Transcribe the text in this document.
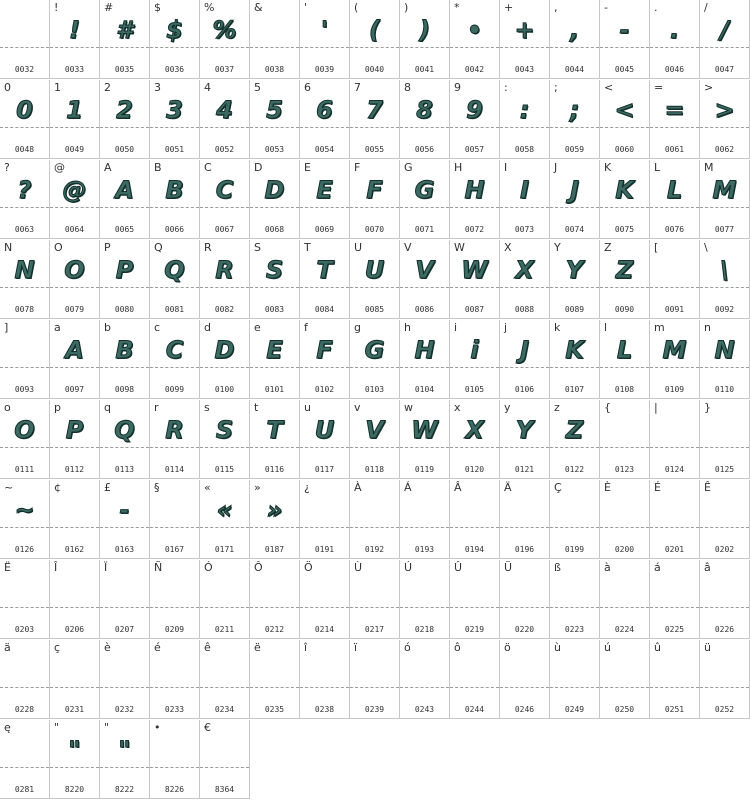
0032
!
!
0033
#
#
0035
$
$
0036
%
%
0037
&
0038
'
'
0039
(
(
0040
)
)
0041
*
•
0042
+
+
0043
,
,
0044
-
-
0045
.
.
0046
/
/
0047
0
0
0048
1
1
0049
2
2
0050
3
3
0051
4
4
0052
5
5
0053
6
6
0054
7
7
0055
8
8
0056
9
9
0057
:
:
0058
;
;
0059
<
<
0060
=
=
0061
>
>
0062
?
?
0063
@
@
0064
A
A
0065
B
B
0066
C
C
0067
D
D
0068
E
E
0069
F
F
0070
G
G
0071
H
H
0072
I
I
0073
J
J
0074
K
K
0075
L
L
0076
M
M
0077
N
N
0078
O
O
0079
P
P
0080
Q
Q
0081
R
R
0082
S
S
0083
T
T
0084
U
U
0085
V
V
0086
W
W
0087
X
X
0088
Y
Y
0089
Z
Z
0090
[
0091
\
\
0092
]
0093
a
A
0097
b
B
0098
c
C
0099
d
D
0100
e
E
0101
f
F
0102
g
G
0103
h
H
0104
i
i
0105
j
J
0106
k
K
0107
l
L
0108
m
M
0109
n
N
0110
o
O
0111
p
P
0112
q
Q
0113
r
R
0114
s
S
0115
t
T
0116
u
U
0117
v
V
0118
w
W
0119
x
X
0120
y
Y
0121
z
Z
0122
{
0123
|
0124
}
0125
~
~
0126
¢
0162
£
-
0163
§
0167
«
«
0171
»
»
0187
¿
0191
À
0192
Á
0193
Â
0194
Ä
0196
Ç
0199
È
0200
É
0201
Ê
0202
Ë
0203
Î
0206
Ï
0207
Ñ
0209
Ó
0211
Ô
0212
Ö
0214
Ù
0217
Ú
0218
Û
0219
Ü
0220
ß
0223
à
0224
á
0225
â
0226
ä
0228
ç
0231
è
0232
é
0233
ê
0234
ë
0235
î
0238
ï
0239
ó
0243
ô
0244
ö
0246
ù
0249
ú
0250
û
0251
ü
0252
ę
0281
"
"
8220
"
"
8222
•
8226
€
8364
